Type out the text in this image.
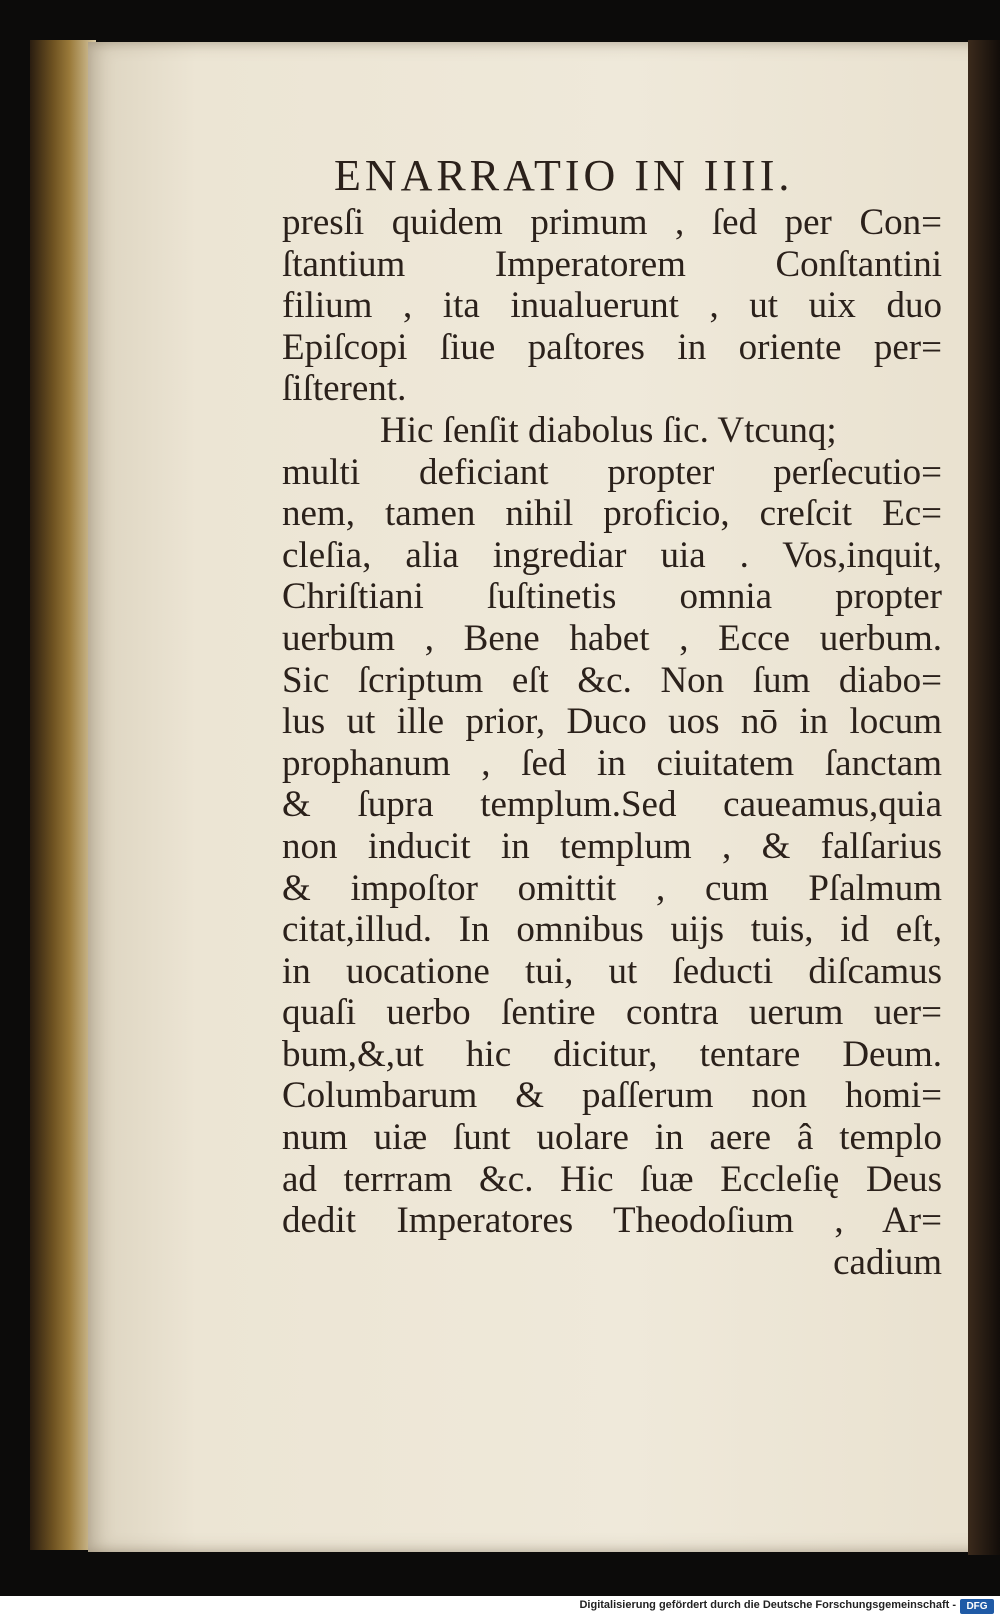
ENARRATIO IN IIII.
presſi quidem primum , ſed per Con=
ſtantium Imperatorem Conſtantini
filium , ita inualuerunt , ut uix duo
Epiſcopi ſiue paſtores in oriente per=
ſiſterent.
Hic ſenſit diabolus ſic. Vtcunq;
multi deficiant propter perſecutio=
nem, tamen nihil proficio, creſcit Ec=
cleſia, alia ingrediar uia . Vos,inquit,
Chriſtiani ſuſtinetis omnia propter
uerbum , Bene habet , Ecce uerbum.
Sic ſcriptum eſt &c. Non ſum diabo=
lus ut ille prior, Duco uos nō in locum
prophanum , ſed in ciuitatem ſanctam
& ſupra templum.Sed caueamus,quia
non inducit in templum , & falſarius
& impoſtor omittit , cum Pſalmum
citat,illud. In omnibus uijs tuis, id eſt,
in uocatione tui, ut ſeducti diſcamus
quaſi uerbo ſentire contra uerum uer=
bum,&,ut hic dicitur, tentare Deum.
Columbarum & paſſerum non homi=
num uiæ ſunt uolare in aere â templo
ad terrram &c. Hic ſuæ Eccleſię Deus
dedit Imperatores Theodoſium , Ar=
cadium
Digitalisierung gefördert durch die Deutsche Forschungsgemeinschaft -	DFG
